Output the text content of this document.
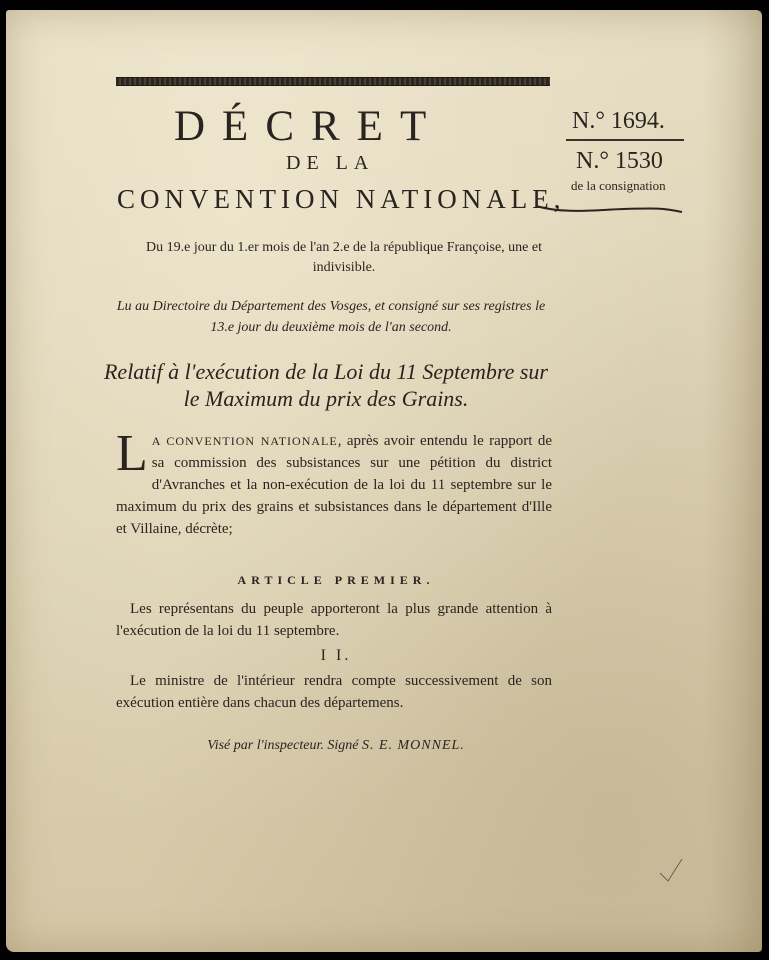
DÉCRET
DE LA
CONVENTION NATIONALE,
N.° 1694.
N.° 1530
de la consignation
Du 19.e jour du 1.er mois de l'an 2.e de la république Françoise, une et indivisible.
Lu au Directoire du Département des Vosges, et consigné sur ses registres le 13.e jour du deuxième mois de l'an second.
Relatif à l'exécution de la Loi du 11 Septembre sur le Maximum du prix des Grains.
L A CONVENTION NATIONALE, après avoir entendu le rapport de sa commission des subsistances sur une pétition du district d'Avranches et la non-exécution de la loi du 11 septembre sur le maximum du prix des grains et subsistances dans le département d'Ille et Villaine, décrète;
ARTICLE PREMIER.
Les représentans du peuple apporteront la plus grande attention à l'exécution de la loi du 11 septembre.
I I.
Le ministre de l'intérieur rendra compte successivement de son exécution entière dans chacun des départemens.
Visé par l'inspecteur. Signé S. E. MONNEL.
